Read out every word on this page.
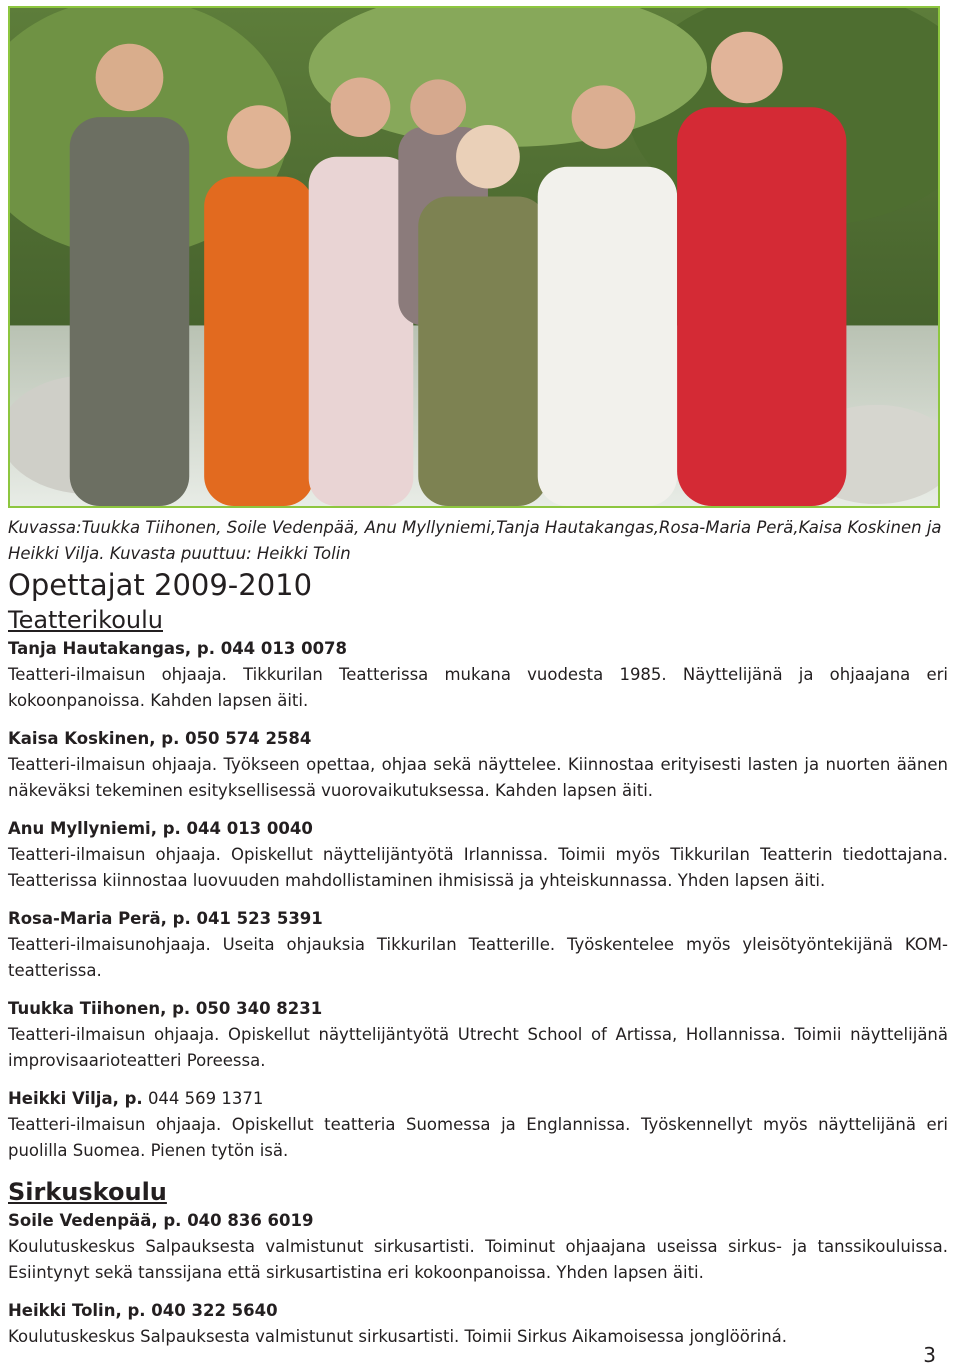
Kuvassa:Tuukka Tiihonen, Soile Vedenpää, Anu Myllyniemi,Tanja Hautakangas,Rosa-Maria Perä,Kaisa Koskinen ja Heikki Vilja. Kuvasta puuttuu: Heikki Tolin
Opettajat 2009-2010
Teatterikoulu
Tanja Hautakangas, p. 044 013 0078

Teatteri-ilmaisun ohjaaja. Tikkurilan Teatterissa mukana vuodesta 1985. Näyttelijänä ja ohjaajana eri kokoonpanoissa. Kahden lapsen äiti.

Kaisa Koskinen, p. 050 574 2584

Teatteri-ilmaisun ohjaaja. Työkseen opettaa, ohjaa sekä näyttelee. Kiinnostaa erityisesti lasten ja nuorten äänen näkeväksi tekeminen esityksellisessä vuorovaikutuksessa. Kahden lapsen äiti.

Anu Myllyniemi, p. 044 013 0040

Teatteri-ilmaisun ohjaaja. Opiskellut näyttelijäntyötä Irlannissa. Toimii myös Tikkurilan Teatterin tiedottajana. Teatterissa kiinnostaa luovuuden mahdollistaminen ihmisissä ja yhteiskunnassa. Yhden lapsen äiti.

Rosa-Maria Perä, p. 041 523 5391

Teatteri-ilmaisunohjaaja. Useita ohjauksia Tikkurilan Teatterille. Työskentelee myös yleisötyöntekijänä KOM-teatterissa.

Tuukka Tiihonen, p. 050 340 8231

Teatteri-ilmaisun ohjaaja. Opiskellut näyttelijäntyötä Utrecht School of Artissa, Hollannissa. Toimii näyttelijänä improvisaarioteatteri Poreessa.

Heikki Vilja, p. 044 569 1371

Teatteri-ilmaisun ohjaaja. Opiskellut teatteria Suomessa ja Englannissa. Työskennellyt myös näyttelijänä eri puolilla Suomea. Pienen tytön isä.

Sirkuskoulu
Soile Vedenpää, p. 040 836 6019

Koulutuskeskus Salpauksesta valmistunut sirkusartisti. Toiminut ohjaajana useissa sirkus- ja tanssikouluissa. Esiintynyt sekä tanssijana että sirkusartistina eri kokoonpanoissa. Yhden lapsen äiti.

Heikki Tolin, p. 040 322 5640

Koulutuskeskus Salpauksesta valmistunut sirkusartisti. Toimii Sirkus Aikamoisessa jonglööriná.

3
